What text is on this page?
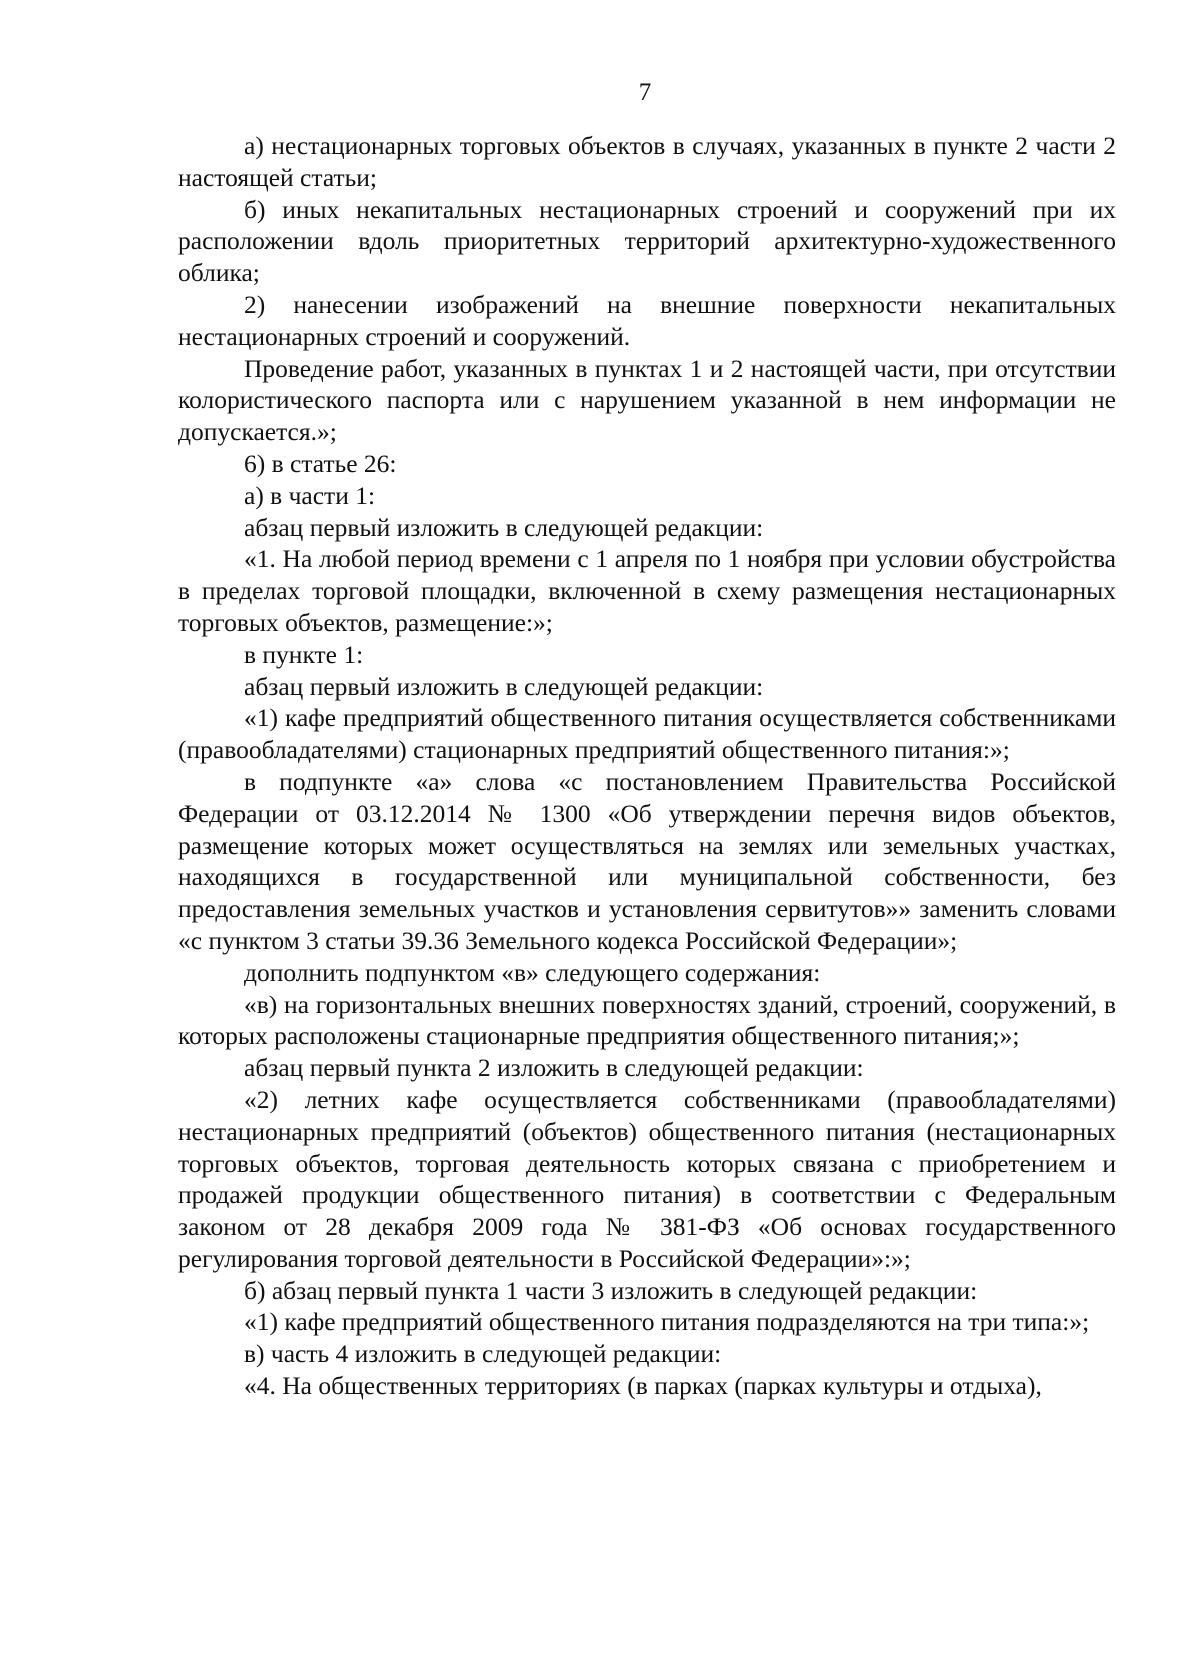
7

а) нестационарных торговых объектов в случаях, указанных в пункте 2 части 2 настоящей статьи;

б) иных некапитальных нестационарных строений и сооружений при их расположении вдоль приоритетных территорий архитектурно-художественного облика;

2) нанесении изображений на внешние поверхности некапитальных нестационарных строений и сооружений.

Проведение работ, указанных в пунктах 1 и 2 настоящей части, при отсутствии колористического паспорта или с нарушением указанной в нем информации не допускается.»;

6) в статье 26:

а) в части 1:

абзац первый изложить в следующей редакции:

«1. На любой период времени с 1 апреля по 1 ноября при условии обустройства в пределах торговой площадки, включенной в схему размещения нестационарных торговых объектов, размещение:»;

в пункте 1:

абзац первый изложить в следующей редакции:

«1) кафе предприятий общественного питания осуществляется собственниками (правообладателями) стационарных предприятий общественного питания:»;

в подпункте «а» слова «с постановлением Правительства Российской Федерации от 03.12.2014 № 1300 «Об утверждении перечня видов объектов, размещение которых может осуществляться на землях или земельных участках, находящихся в государственной или муниципальной собственности, без предоставления земельных участков и установления сервитутов»» заменить словами «с пунктом 3 статьи 39.36 Земельного кодекса Российской Федерации»;

дополнить подпунктом «в» следующего содержания:

«в) на горизонтальных внешних поверхностях зданий, строений, сооружений, в которых расположены стационарные предприятия общественного питания;»;

абзац первый пункта 2 изложить в следующей редакции:

«2) летних кафе осуществляется собственниками (правообладателями) нестационарных предприятий (объектов) общественного питания (нестационарных торговых объектов, торговая деятельность которых связана с приобретением и продажей продукции общественного питания) в соответствии с Федеральным законом от 28 декабря 2009 года № 381-ФЗ «Об основах государственного регулирования торговой деятельности в Российской Федерации»:»;

б) абзац первый пункта 1 части 3 изложить в следующей редакции:

«1) кафе предприятий общественного питания подразделяются на три типа:»;

в) часть 4 изложить в следующей редакции:

«4. На общественных территориях (в парках (парках культуры и отдыха),
